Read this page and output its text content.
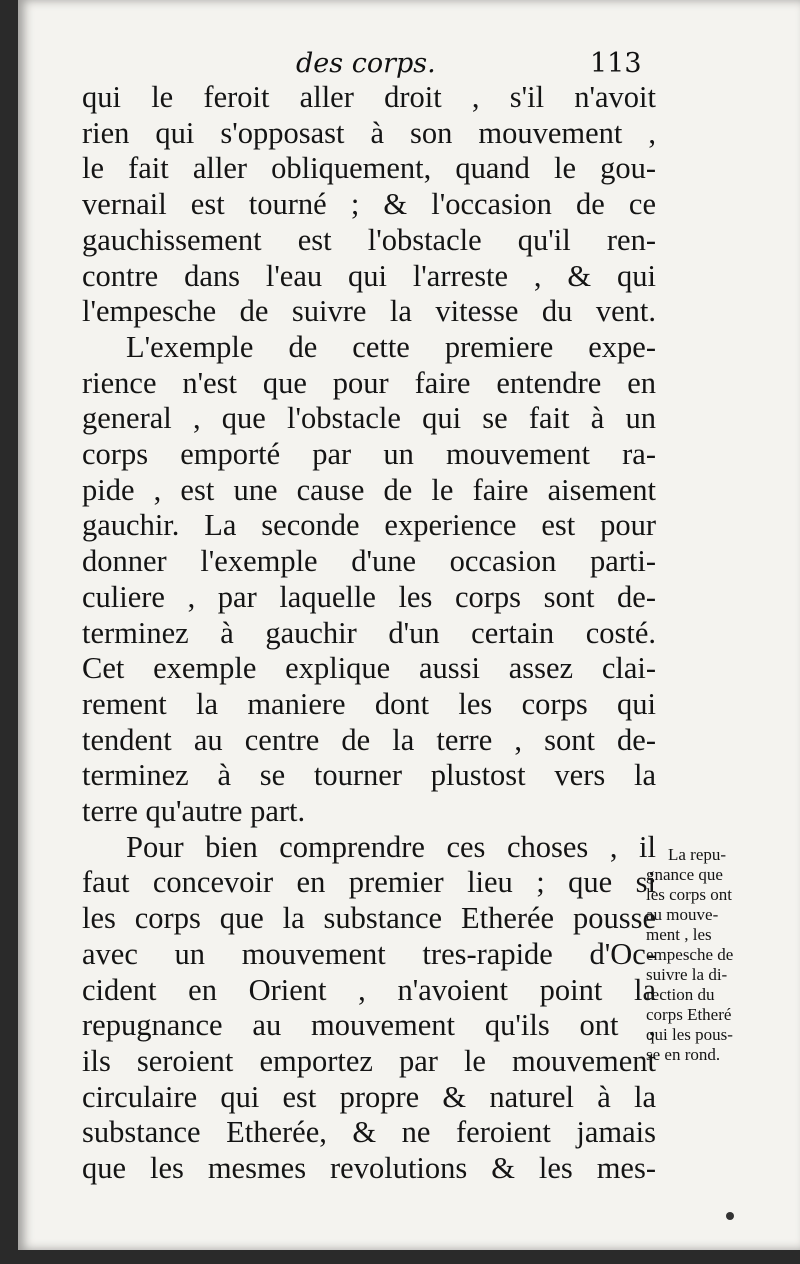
des corps.	113
qui le feroit aller droit , s'il n'avoit
rien qui s'opposast à son mouvement ,
le fait aller obliquement, quand le gou-
vernail est tourné ; & l'occasion de ce
gauchissement est l'obstacle qu'il ren-
contre dans l'eau qui l'arreste , & qui
l'empesche de suivre la vitesse du vent.
L'exemple de cette premiere expe-
rience n'est que pour faire entendre en
general , que l'obstacle qui se fait à un
corps emporté par un mouvement ra-
pide , est une cause de le faire aisement
gauchir. La seconde experience est pour
donner l'exemple d'une occasion parti-
culiere , par laquelle les corps sont de-
terminez à gauchir d'un certain costé.
Cet exemple explique aussi assez clai-
rement la maniere dont les corps qui
tendent au centre de la terre , sont de-
terminez à se tourner plustost vers la
terre qu'autre part.
Pour bien comprendre ces choses , il
faut concevoir en premier lieu ; que si
les corps que la substance Etherée pousse
avec un mouvement tres-rapide d'Oc-
cident en Orient , n'avoient point la
repugnance au mouvement qu'ils ont ,
ils seroient emportez par le mouvement
circulaire qui est propre & naturel à la
substance Etherée, & ne feroient jamais
que les mesmes revolutions & les mes-
La repu-
gnance que
les corps ont
au mouve-
ment , les
empesche de
suivre la di-
rection du
corps Etheré
qui les pous-
se en rond.
